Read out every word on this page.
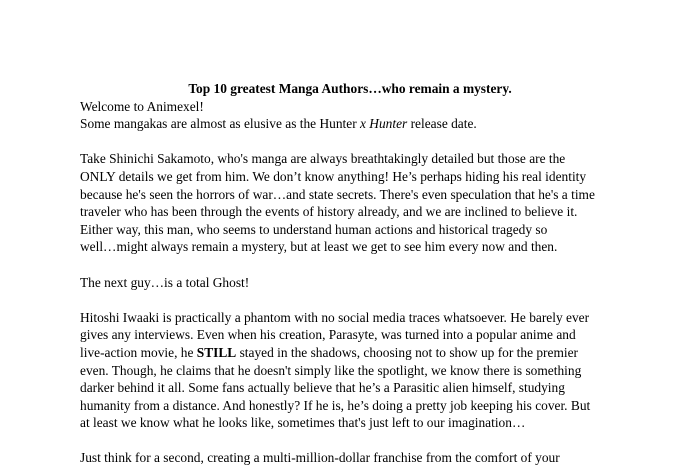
Top 10 greatest Manga Authors…who remain a mystery.

Welcome to Animexel!

Some mangakas are almost as elusive as the Hunter x Hunter release date.

Take Shinichi Sakamoto, who's manga are always breathtakingly detailed but those are the

ONLY details we get from him. We don’t know anything! He’s perhaps hiding his real identity

because he's seen the horrors of war…and state secrets. There's even speculation that he's a time

traveler who has been through the events of history already, and we are inclined to believe it.

Either way, this man, who seems to understand human actions and historical tragedy so

well…might always remain a mystery, but at least we get to see him every now and then.

The next guy…is a total Ghost!

Hitoshi Iwaaki is practically a phantom with no social media traces whatsoever. He barely ever

gives any interviews. Even when his creation, Parasyte, was turned into a popular anime and

live-action movie, he STILL stayed in the shadows, choosing not to show up for the premier

even. Though, he claims that he doesn't simply like the spotlight, we know there is something

darker behind it all. Some fans actually believe that he’s a Parasitic alien himself, studying

humanity from a distance. And honestly? If he is, he’s doing a pretty job keeping his cover. But

at least we know what he looks like, sometimes that's just left to our imagination…

Just think for a second, creating a multi-million-dollar franchise from the comfort of your
